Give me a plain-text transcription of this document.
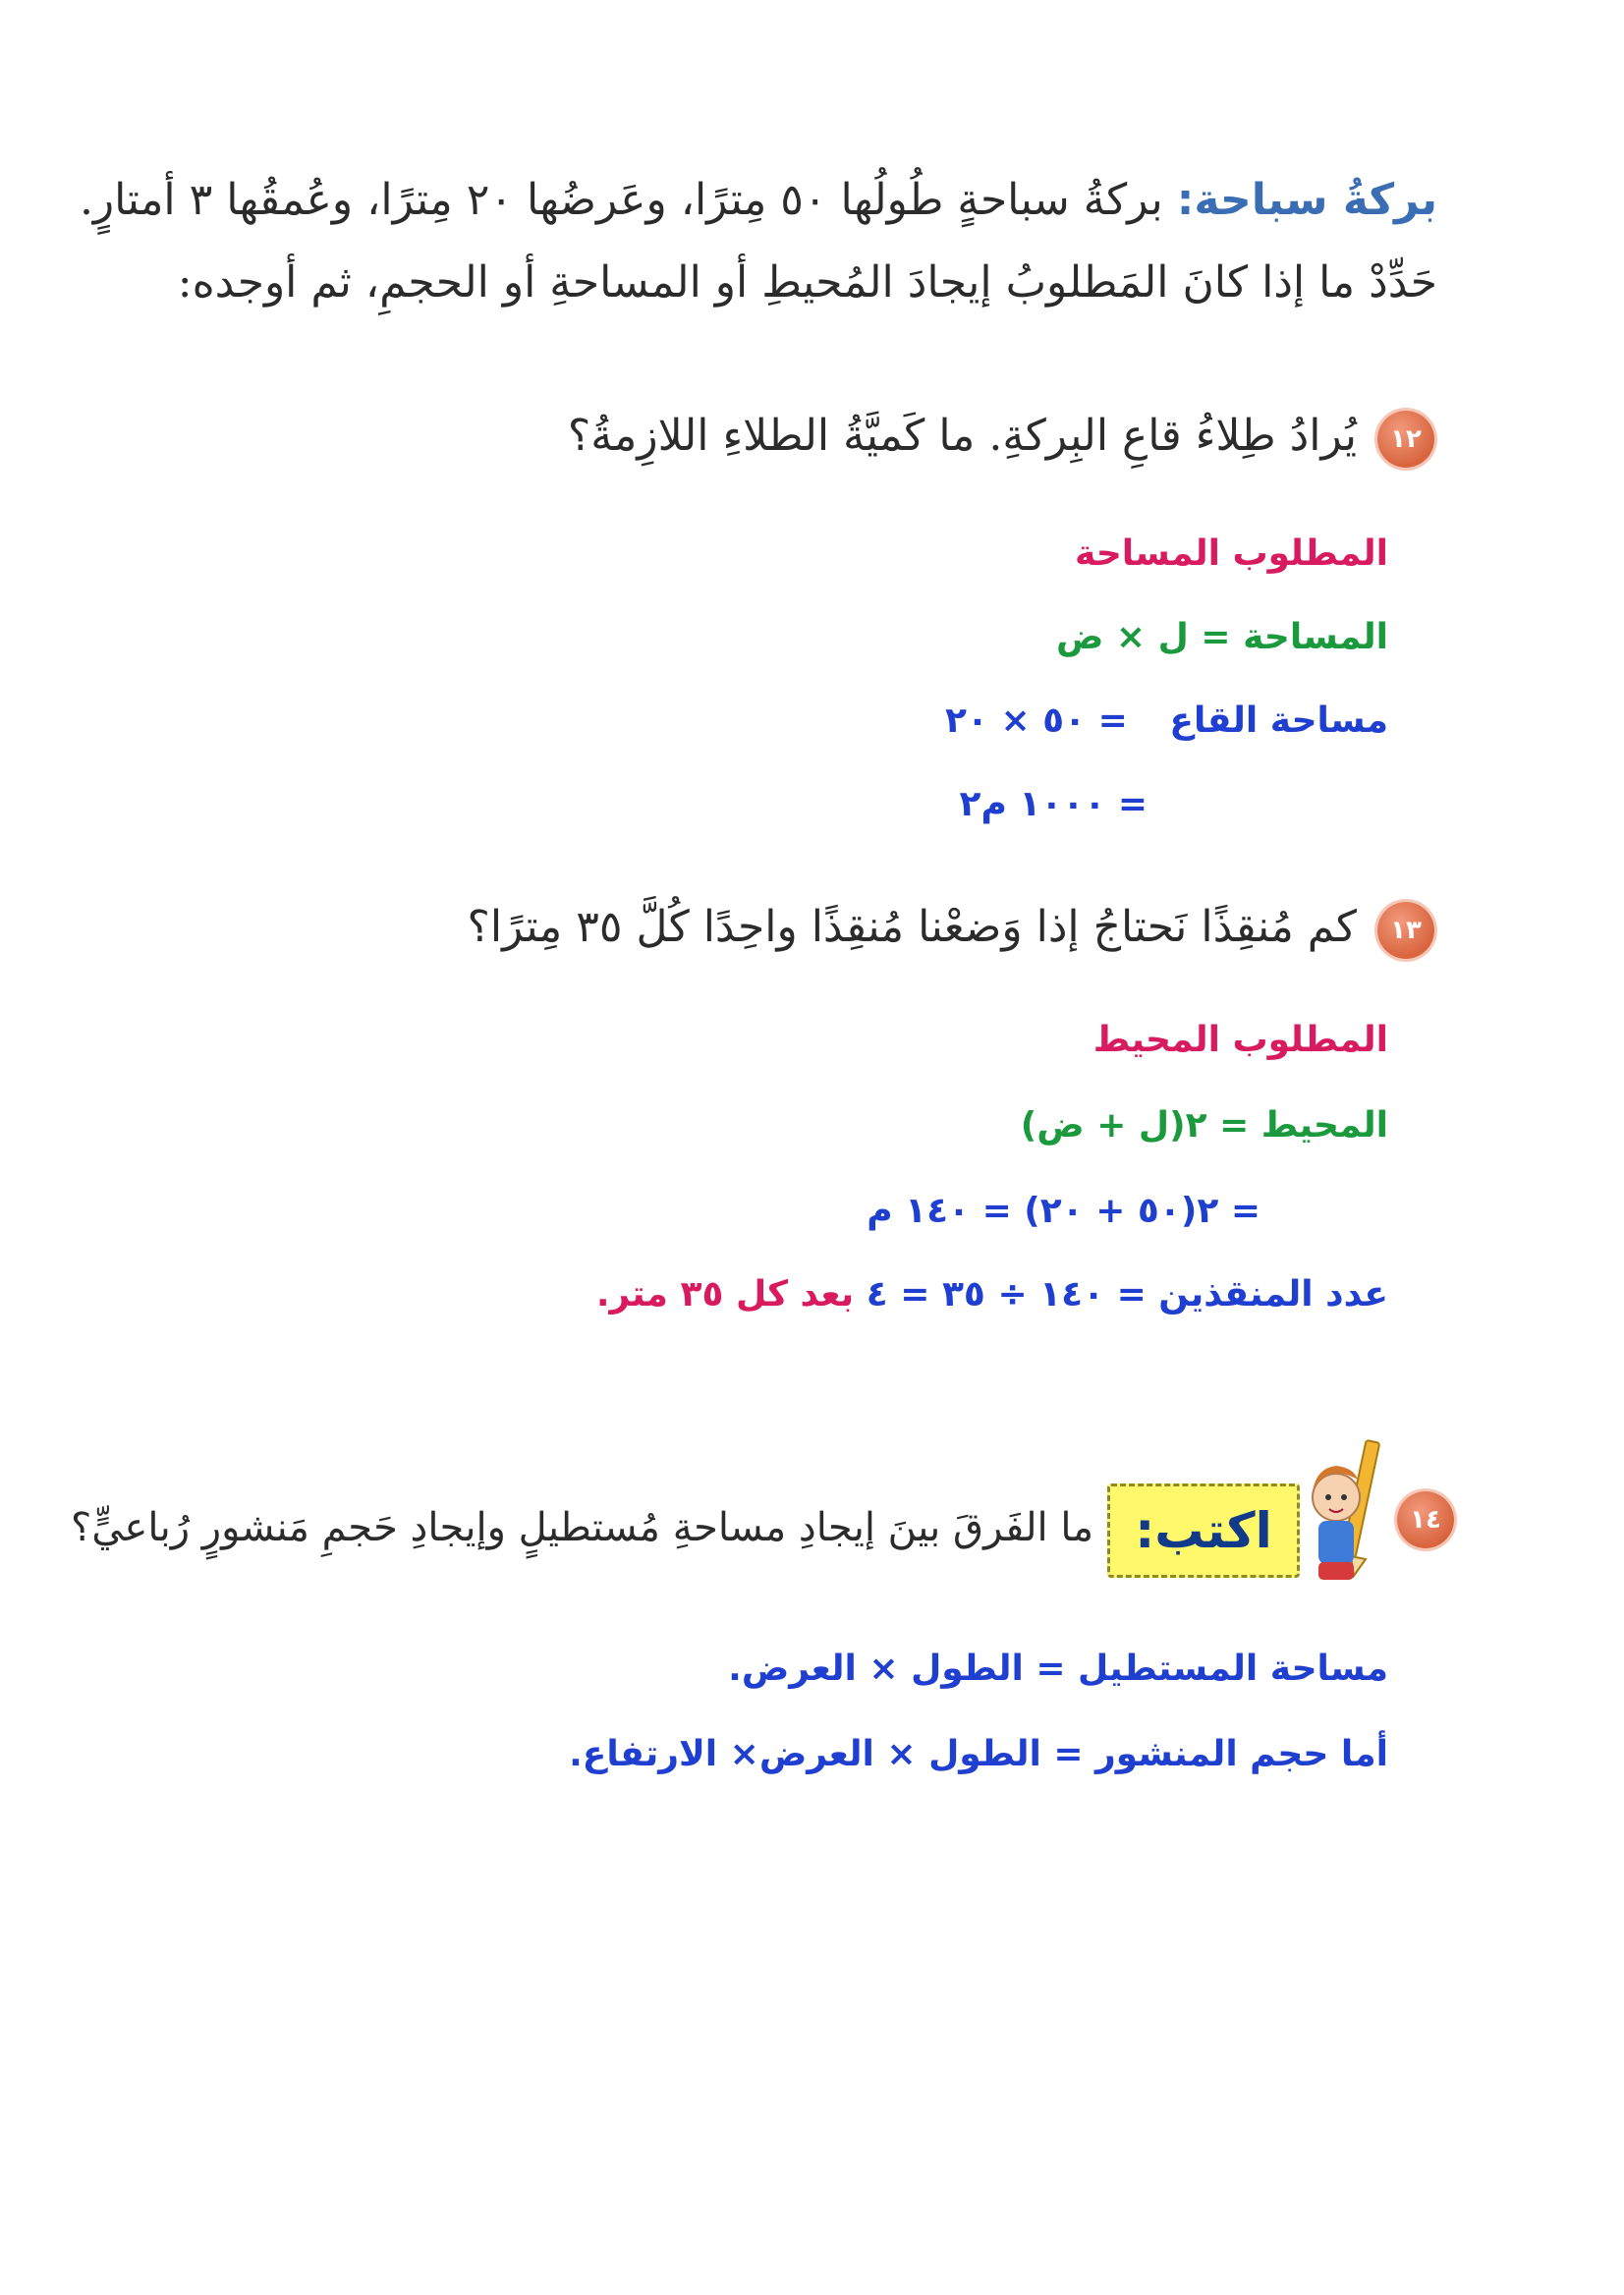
بركةُ سباحة: بركةُ سباحةٍ طُولُها ٥٠ مِترًا، وعَرضُها ٢٠ مِترًا، وعُمقُها ٣ أمتارٍ.
حَدِّدْ ما إذا كانَ المَطلوبُ إيجادَ المُحيطِ أو المساحةِ أو الحجمِ، ثم أوجده:
١٢
يُرادُ طِلاءُ قاعِ البِركةِ. ما كَميَّةُ الطلاءِ اللازِمةُ؟
المطلوب المساحة
المساحة = ل × ض
مساحة القاع = ٥٠ × ٢٠
= ١٠٠٠ م٢
١٣
كم مُنقِذًا نَحتاجُ إذا وَضعْنا مُنقِذًا واحِدًا كُلَّ ٣٥ مِترًا؟
المطلوب المحيط
المحيط = ٢(ل + ض)
= ٢(٥٠ + ٢٠) = ١٤٠ م
عدد المنقذين = ١٤٠ ÷ ٣٥ = ٤ بعد كل ٣٥ متر.
١٤
اكتب:
ما الفَرقَ بينَ إيجادِ مساحةِ مُستطيلٍ وإيجادِ حَجمِ مَنشورٍ رُباعيٍّ؟
مساحة المستطيل = الطول × العرض.
أما حجم المنشور = الطول × العرض× الارتفاع.
